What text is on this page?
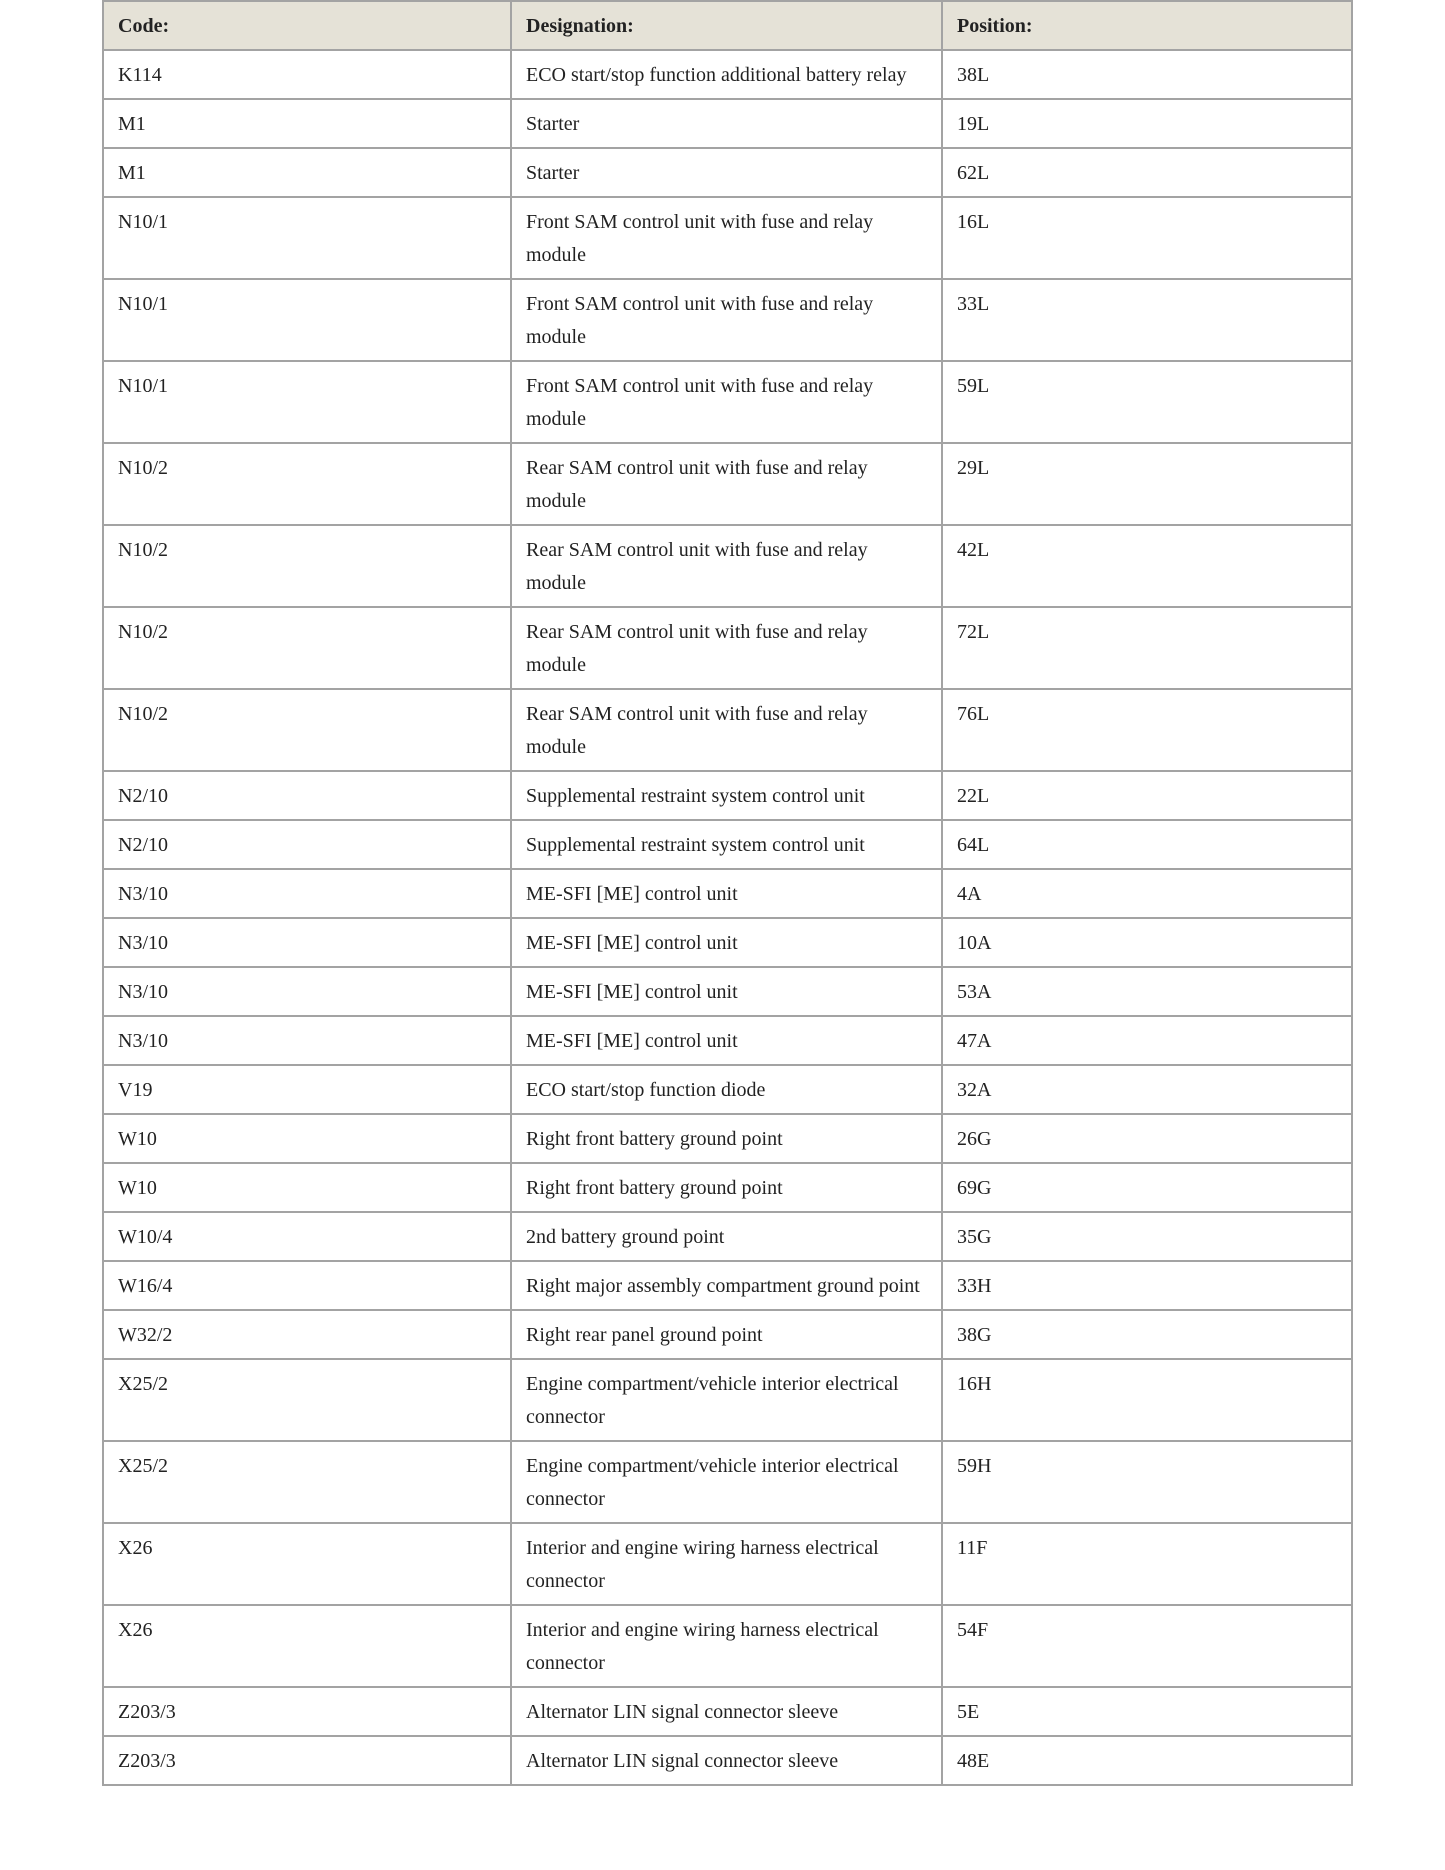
Code:	Designation:	Position:
K114	ECO start/stop function additional battery relay	38L
M1	Starter	19L
M1	Starter	62L
N10/1	Front SAM control unit with fuse and relay module	16L
N10/1	Front SAM control unit with fuse and relay module	33L
N10/1	Front SAM control unit with fuse and relay module	59L
N10/2	Rear SAM control unit with fuse and relay module	29L
N10/2	Rear SAM control unit with fuse and relay module	42L
N10/2	Rear SAM control unit with fuse and relay module	72L
N10/2	Rear SAM control unit with fuse and relay module	76L
N2/10	Supplemental restraint system control unit	22L
N2/10	Supplemental restraint system control unit	64L
N3/10	ME-SFI [ME] control unit	4A
N3/10	ME-SFI [ME] control unit	10A
N3/10	ME-SFI [ME] control unit	53A
N3/10	ME-SFI [ME] control unit	47A
V19	ECO start/stop function diode	32A
W10	Right front battery ground point	26G
W10	Right front battery ground point	69G
W10/4	2nd battery ground point	35G
W16/4	Right major assembly compartment ground point	33H
W32/2	Right rear panel ground point	38G
X25/2	Engine compartment/vehicle interior electrical connector	16H
X25/2	Engine compartment/vehicle interior electrical connector	59H
X26	Interior and engine wiring harness electrical connector	11F
X26	Interior and engine wiring harness electrical connector	54F
Z203/3	Alternator LIN signal connector sleeve	5E
Z203/3	Alternator LIN signal connector sleeve	48E
